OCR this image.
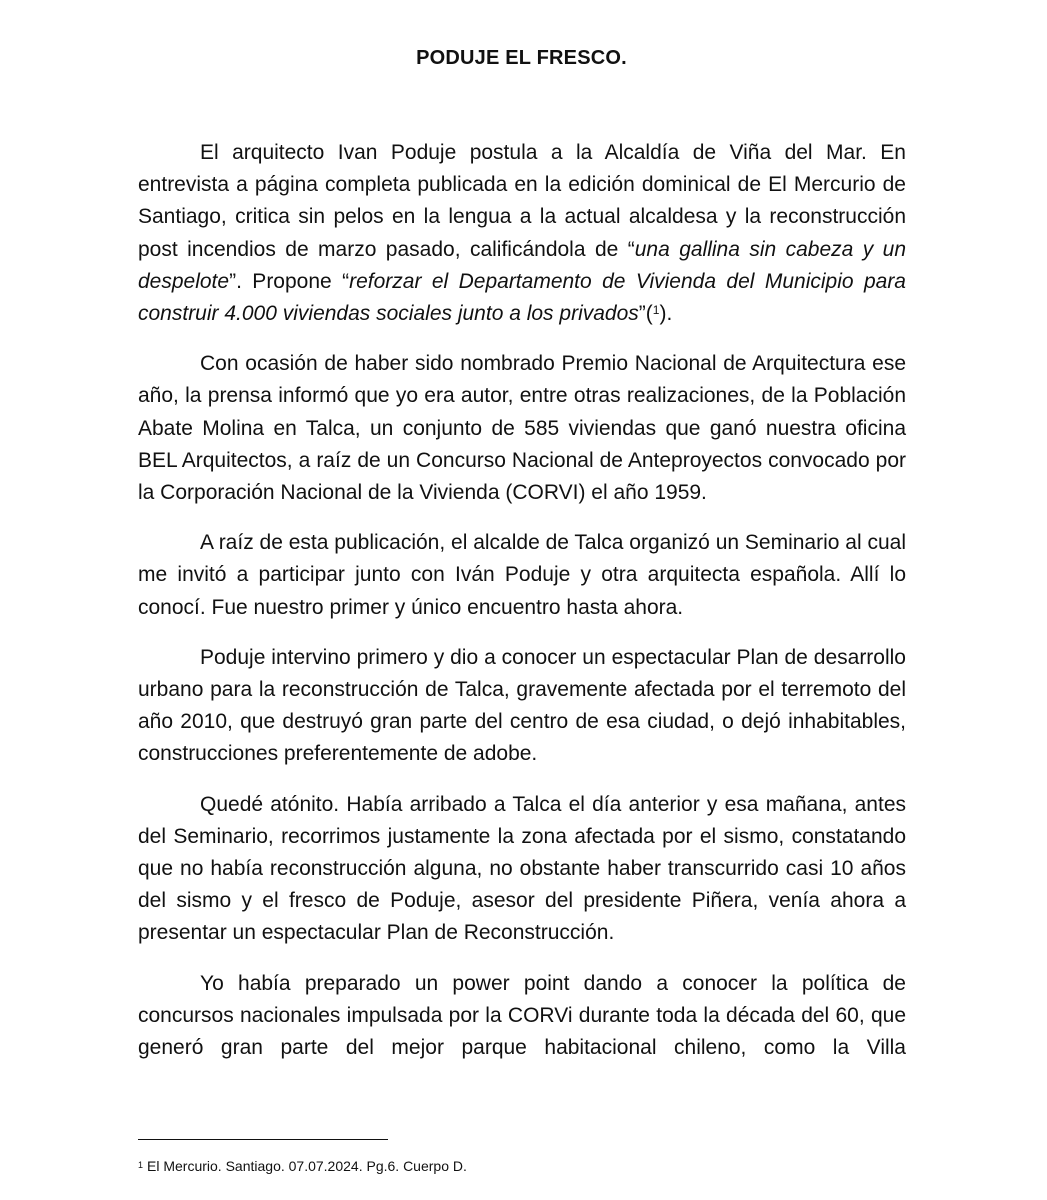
PODUJE EL FRESCO.

El arquitecto Ivan Poduje postula a la Alcaldía de Viña del Mar. En entrevista a página completa publicada en la edición dominical de El Mercurio de Santiago, critica sin pelos en la lengua a la actual alcaldesa y la reconstrucción post incendios de marzo pasado, calificándola de “una gallina sin cabeza y un despelote”. Propone “reforzar el Departamento de Vivienda del Municipio para construir 4.000 viviendas sociales junto a los privados”($^1$).

Con ocasión de haber sido nombrado Premio Nacional de Arquitectura ese año, la prensa informó que yo era autor, entre otras realizaciones, de la Población Abate Molina en Talca, un conjunto de 585 viviendas que ganó nuestra oficina BEL Arquitectos, a raíz de un Concurso Nacional de Anteproyectos convocado por la Corporación Nacional de la Vivienda (CORVI) el año 1959.

A raíz de esta publicación, el alcalde de Talca organizó un Seminario al cual me invitó a participar junto con Iván Poduje y otra arquitecta española. Allí lo conocí. Fue nuestro primer y único encuentro hasta ahora.

Poduje intervino primero y dio a conocer un espectacular Plan de desarrollo urbano para la reconstrucción de Talca, gravemente afectada por el terremoto del año 2010, que destruyó gran parte del centro de esa ciudad, o dejó inhabitables, construcciones preferentemente de adobe.

Quedé atónito. Había arribado a Talca el día anterior y esa mañana, antes del Seminario, recorrimos justamente la zona afectada por el sismo, constatando que no había reconstrucción alguna, no obstante haber transcurrido casi 10 años del sismo y el fresco de Poduje, asesor del presidente Piñera, venía ahora a presentar un espectacular Plan de Reconstrucción.

Yo había preparado un power point dando a conocer la política de concursos nacionales impulsada por la CORVi durante toda la década del 60, que generó gran parte del mejor parque habitacional chileno, como la Villa

$^1$ El Mercurio. Santiago. 07.07.2024. Pg.6. Cuerpo D.
